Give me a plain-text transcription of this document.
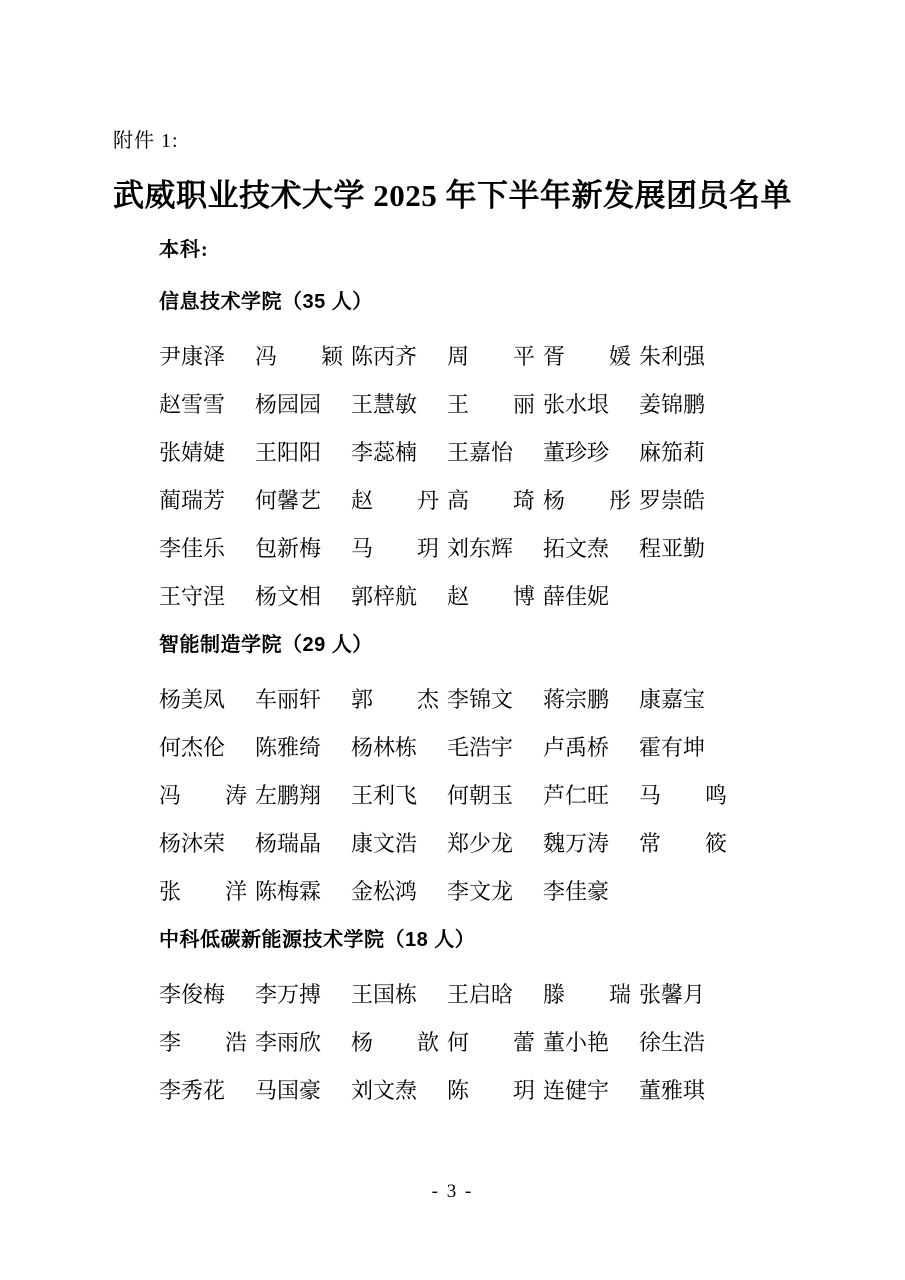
附件 1:
武威职业技术大学 2025 年下半年新发展团员名单
本科:
信息技术学院（35 人）
尹康泽 冯　　颖 陈丙齐 周　　平 胥　　媛 朱利强
赵雪雪 杨园园 王慧敏 王　　丽 张水垠 姜锦鹏
张婧婕 王阳阳 李蕊楠 王嘉怡 董珍珍 麻笳莉
蔺瑞芳 何馨艺 赵　　丹 高　　琦 杨　　彤 罗崇皓
李佳乐 包新梅 马　　玥 刘东辉 拓文焘 程亚勤
王守涅 杨文相 郭梓航 赵　　博 薛佳妮
智能制造学院（29 人）
杨美凤 车丽轩 郭　　杰 李锦文 蒋宗鹏 康嘉宝
何杰伦 陈雅绮 杨林栋 毛浩宇 卢禹桥 霍有坤
冯　　涛 左鹏翔 王利飞 何朝玉 芦仁旺 马　　鸣
杨沐荣 杨瑞晶 康文浩 郑少龙 魏万涛 常　　筱
张　　洋 陈梅霖 金松鸿 李文龙 李佳豪
中科低碳新能源技术学院（18 人）
李俊梅 李万搏 王国栋 王启晗 滕　　瑞 张馨月
李　　浩 李雨欣 杨　　歆 何　　蕾 董小艳 徐生浩
李秀花 马国豪 刘文焘 陈　　玥 连健宇 董雅琪
- 3 -
